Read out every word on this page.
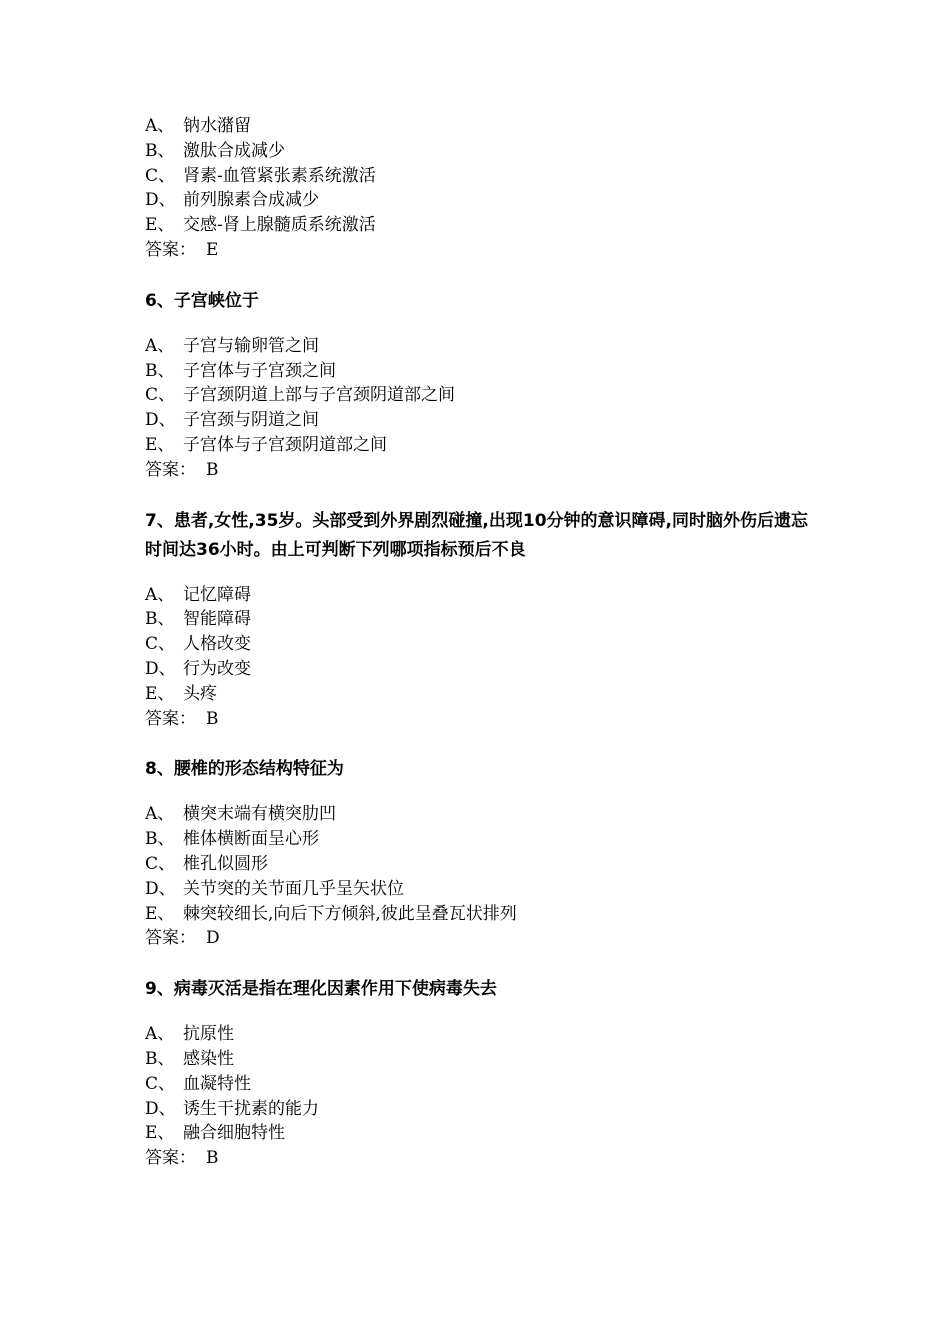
A、 钠水潴留
B、 激肽合成减少
C、 肾素-血管紧张素系统激活
D、 前列腺素合成减少
E、 交感-肾上腺髓质系统激活
答案： E
6、子宫峡位于
A、 子宫与输卵管之间
B、 子宫体与子宫颈之间
C、 子宫颈阴道上部与子宫颈阴道部之间
D、 子宫颈与阴道之间
E、 子宫体与子宫颈阴道部之间
答案： B
7、患者,女性,35岁。头部受到外界剧烈碰撞,出现10分钟的意识障碍,同时脑外伤后遗忘时间达36小时。由上可判断下列哪项指标预后不良
A、 记忆障碍
B、 智能障碍
C、 人格改变
D、 行为改变
E、 头疼
答案： B
8、腰椎的形态结构特征为
A、 横突末端有横突肋凹
B、 椎体横断面呈心形
C、 椎孔似圆形
D、 关节突的关节面几乎呈矢状位
E、 棘突较细长,向后下方倾斜,彼此呈叠瓦状排列
答案： D
9、病毒灭活是指在理化因素作用下使病毒失去
A、 抗原性
B、 感染性
C、 血凝特性
D、 诱生干扰素的能力
E、 融合细胞特性
答案： B
